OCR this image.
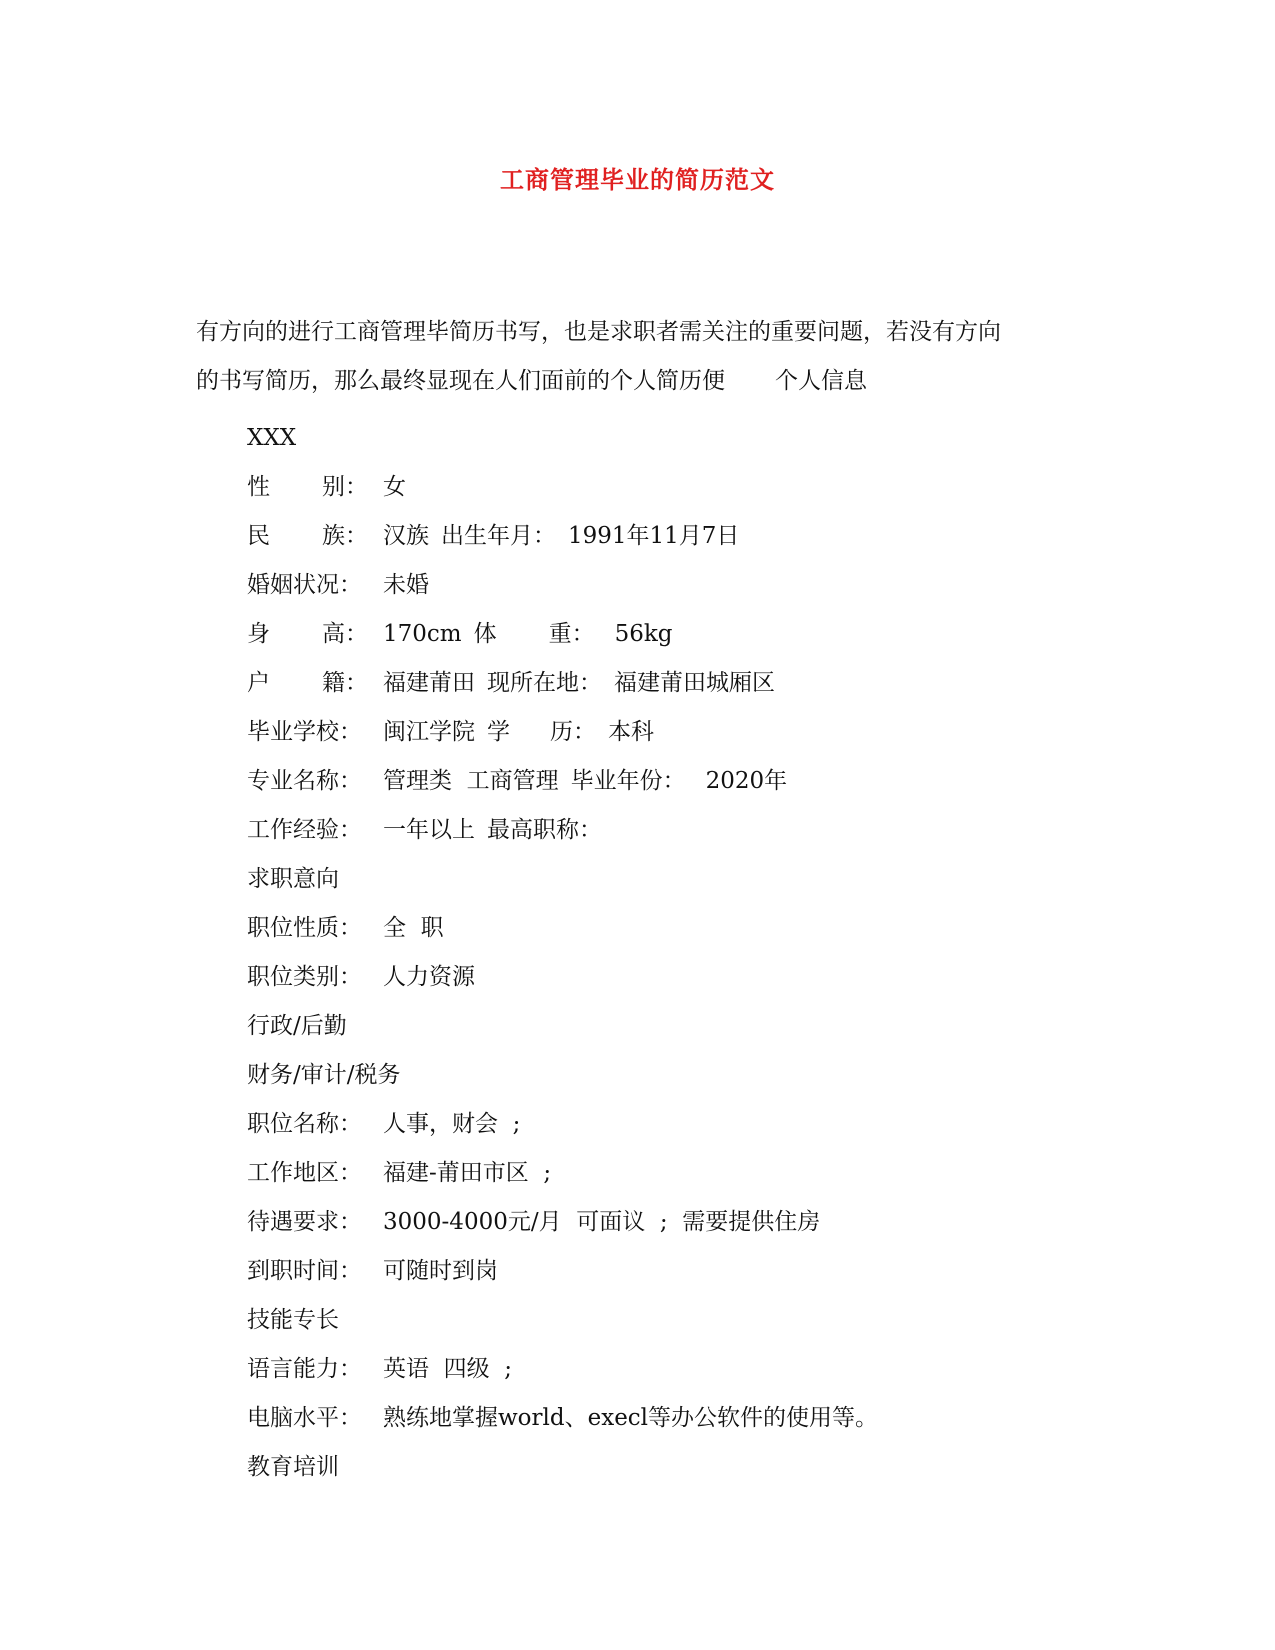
工商管理毕业的简历范文
有方向的进行工商管理毕简历书写，也是求职者需关注的重要问题，若没有方向
的书写简历，那么最终显现在人们面前的个人简历便 个人信息
XXX
性 别： 女
民 族： 汉族 出生年月： 1991年11月7日
婚姻状况： 未婚
身 高： 170cm 体 重： 56kg
户 籍： 福建莆田 现所在地： 福建莆田城厢区
毕业学校： 闽江学院 学 历： 本科
专业名称： 管理类  工商管理 毕业年份： 2020年
工作经验： 一年以上 最高职称：
求职意向
职位性质： 全  职
职位类别： 人力资源
行政/后勤
财务/审计/税务
职位名称： 人事，财会  ;
工作地区： 福建-莆田市区  ;
待遇要求： 3000-4000元/月  可面议  ;  需要提供住房
到职时间： 可随时到岗
技能专长
语言能力： 英语  四级  ;
电脑水平： 熟练地掌握world、execl等办公软件的使用等。
教育培训
